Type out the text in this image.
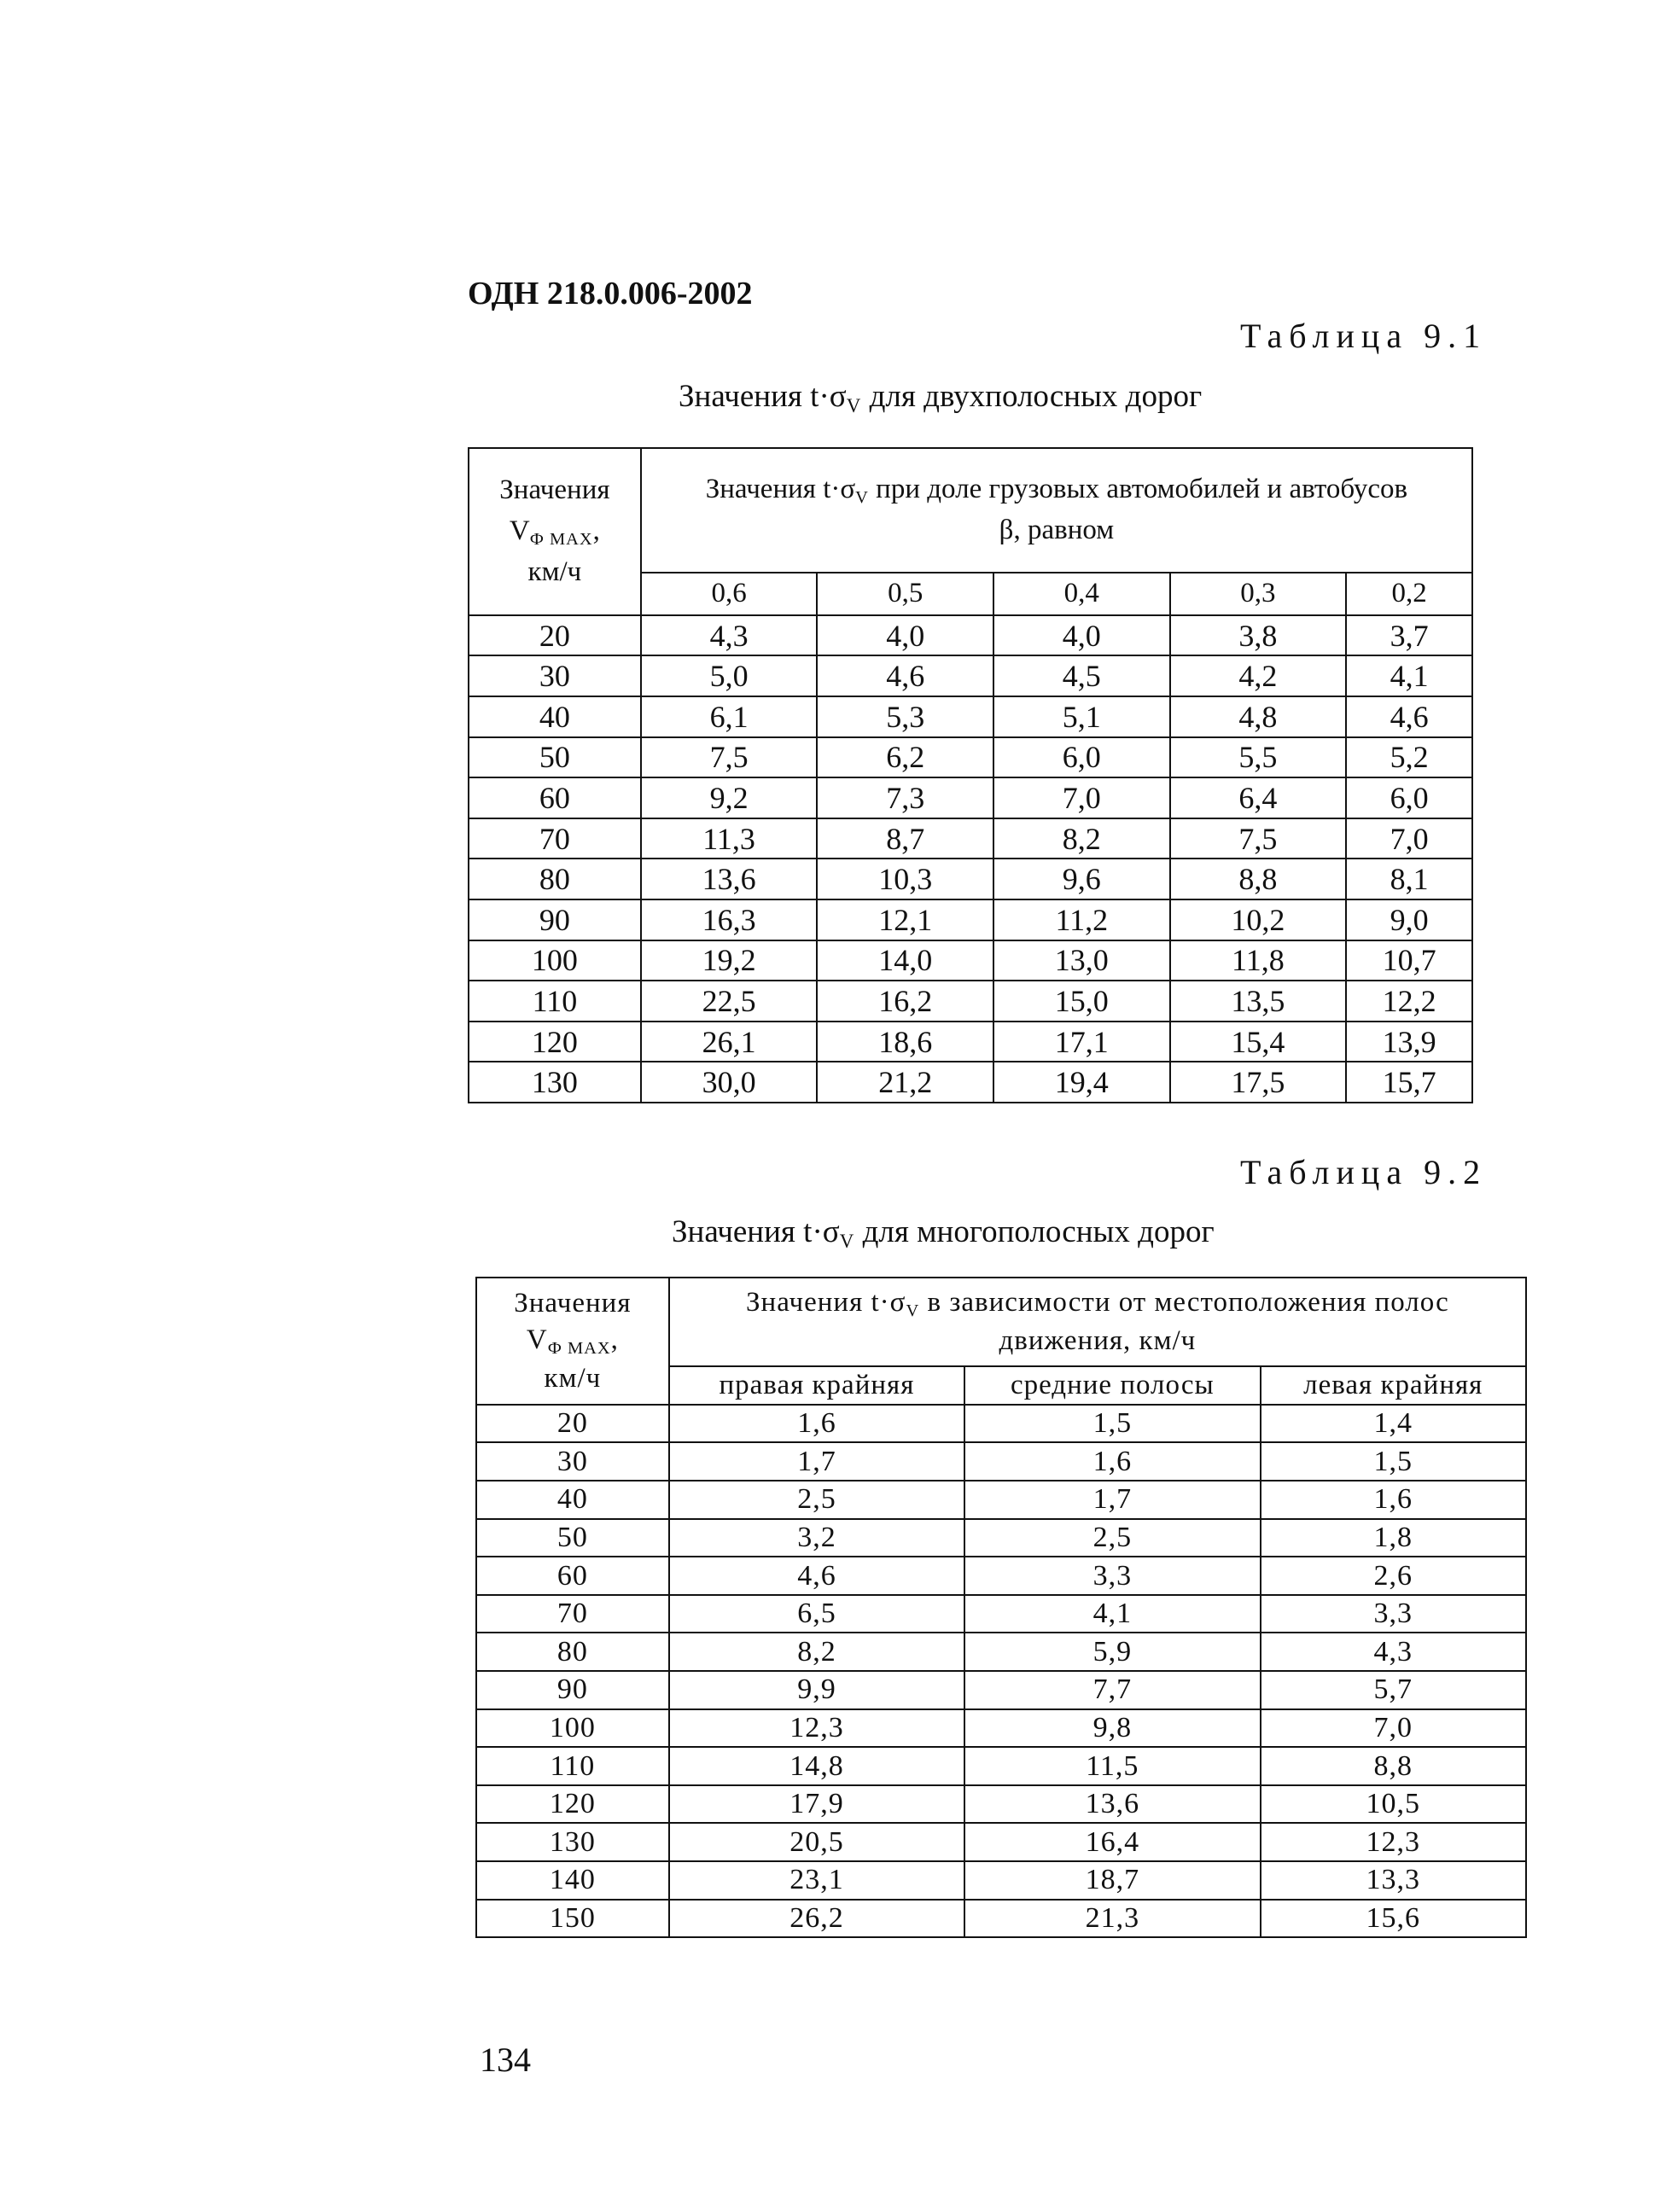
ОДН 218.0.006-2002
Таблица 9.1
Значения $t\cdot\sigma_V$ для двухполосных дорог
Значения
$V_{Ф MAX}$,
км/ч	Значения $t\cdot\sigma_V$ при доле грузовых автомобилей и автобусов β, равном				
	0,6	0,5	0,4	0,3	0,2
20	4,3	4,0	4,0	3,8	3,7
30	5,0	4,6	4,5	4,2	4,1
40	6,1	5,3	5,1	4,8	4,6
50	7,5	6,2	6,0	5,5	5,2
60	9,2	7,3	7,0	6,4	6,0
70	11,3	8,7	8,2	7,5	7,0
80	13,6	10,3	9,6	8,8	8,1
90	16,3	12,1	11,2	10,2	9,0
100	19,2	14,0	13,0	11,8	10,7
110	22,5	16,2	15,0	13,5	12,2
120	26,1	18,6	17,1	15,4	13,9
130	30,0	21,2	19,4	17,5	15,7
Таблица 9.2
Значения $t\cdot\sigma_V$ для многополосных дорог
Значения
$V_{Ф MAX}$,
км/ч	Значения $t\cdot\sigma_V$ в зависимости от местоположения полос движения, км/ч		
	правая крайняя	средние полосы	левая крайняя
20	1,6	1,5	1,4
30	1,7	1,6	1,5
40	2,5	1,7	1,6
50	3,2	2,5	1,8
60	4,6	3,3	2,6
70	6,5	4,1	3,3
80	8,2	5,9	4,3
90	9,9	7,7	5,7
100	12,3	9,8	7,0
110	14,8	11,5	8,8
120	17,9	13,6	10,5
130	20,5	16,4	12,3
140	23,1	18,7	13,3
150	26,2	21,3	15,6
134
